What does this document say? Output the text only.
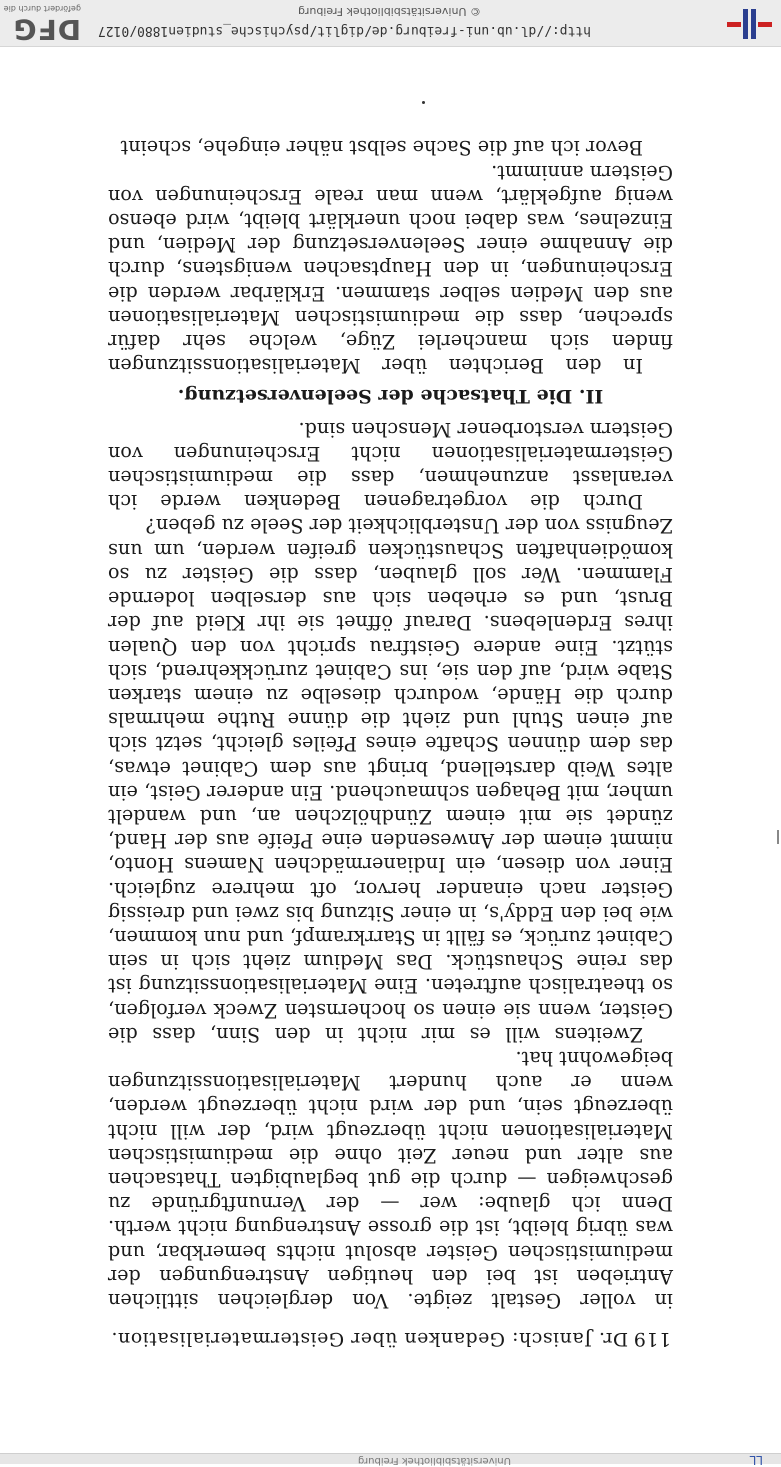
LL
Universitätsbibliothek Freiburg
119
Dr. Janisch: Gedanken über Geistermaterialisation.

in voller Gestalt zeigte. Von dergleichen sittlichen Antrieben ist bei den heutigen Anstrengungen der mediumistischen Geister absolut nichts bemerkbar, und was übrig bleibt, ist die grosse Anstrengung nicht werth. Denn ich glaube: wer — der Vernunftgründe zu geschweigen — durch die gut beglaubigten Thatsachen aus alter und neuer Zeit ohne die mediumistischen Materialisationen nicht überzeugt wird, der will nicht überzeugt sein, und der wird nicht überzeugt werden, wenn er auch hundert Materialisationssitzungen beigewohnt hat.

Zweitens will es mir nicht in den Sinn, dass die Geister, wenn sie einen so hochernsten Zweck verfolgen, so theatralisch auftreten. Eine Materialisationssitzung ist das reine Schaustück. Das Medium zieht sich in sein Cabinet zurück, es fällt in Starrkrampf, und nun kommen, wie bei den Eddy's, in einer Sitzung bis zwei und dreissig Geister nach einander hervor, oft mehrere zugleich. Einer von diesen, ein Indianermädchen Namens Honto, nimmt einem der Anwesenden eine Pfeife aus der Hand, zündet sie mit einem Zündhölzchen an, und wandelt umher, mit Behagen schmauchend. Ein anderer Geist, ein altes Weib darstellend, bringt aus dem Cabinet etwas, das dem dünnen Schafte eines Pfeiles gleicht, setzt sich auf einen Stuhl und zieht die dünne Ruthe mehrmals durch die Hände, wodurch dieselbe zu einem starken Stabe wird, auf den sie, ins Cabinet zurückkehrend, sich stützt. Eine andere Geistfrau spricht von den Qualen ihres Erdenlebens. Darauf öffnet sie ihr Kleid auf der Brust, und es erheben sich aus derselben lodernde Flammen. Wer soll glauben, dass die Geister zu so komödienhaften Schaustücken greifen werden, um uns Zeugniss von der Unsterblichkeit der Seele zu geben?

Durch die vorgetragenen Bedenken werde ich veranlasst anzunehmen, dass die mediumistischen Geistermaterialisationen nicht Erscheinungen von Geistern verstorbener Menschen sind.

II. Die Thatsache der Seelenversetzung.

In den Berichten über Materialisationssitzungen finden sich mancherlei Züge, welche sehr dafür sprechen, dass die mediumistischen Materialisationen aus den Medien selber stammen. Erklärbar werden die Erscheinungen, in den Hauptsachen wenigstens, durch die Annahme einer Seelenversetzung der Medien, und Einzelnes, was dabei noch unerklärt bleibt, wird ebenso wenig aufgeklärt, wenn man reale Erscheinungen von Geistern annimmt.

Bevor ich auf die Sache selbst näher eingehe, scheint

http://dl.ub.uni-freiburg.de/diglit/psychische_studien1880/0127
© Universitätsbibliothek Freiburg
DFG
gefördert durch die
